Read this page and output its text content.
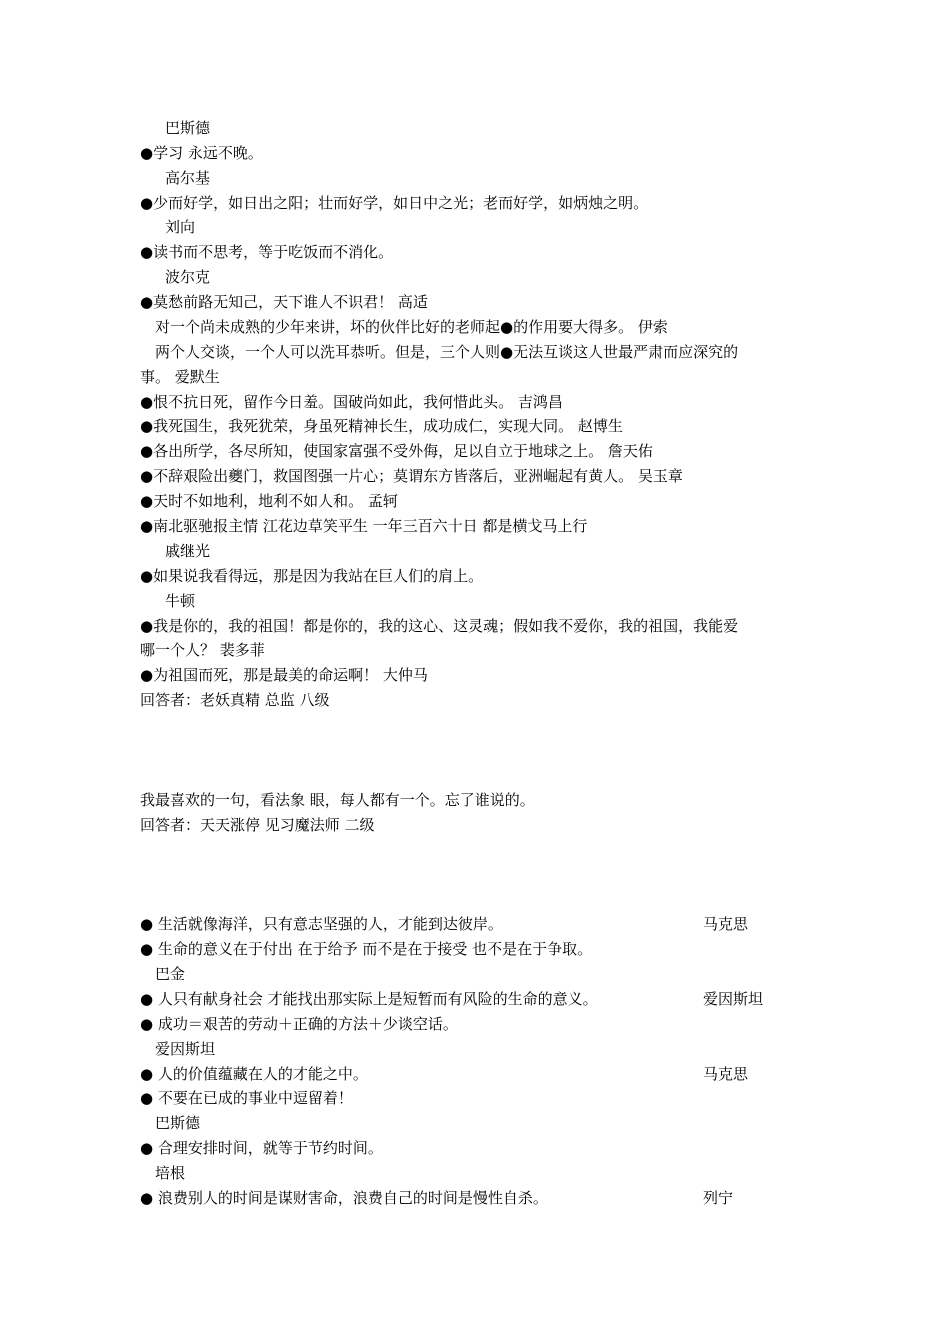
巴斯德
●学习 永远不晚。
高尔基
●少而好学，如日出之阳；壮而好学，如日中之光；老而好学，如炳烛之明。
刘向
●读书而不思考，等于吃饭而不消化。
波尔克
●莫愁前路无知己，天下谁人不识君！ 高适
对一个尚未成熟的少年来讲，坏的伙伴比好的老师起●的作用要大得多。 伊索
两个人交谈，一个人可以洗耳恭听。但是，三个人则●无法互谈这人世最严肃而应深究的
事。 爱默生
●恨不抗日死，留作今日羞。国破尚如此，我何惜此头。 吉鸿昌
●我死国生，我死犹荣，身虽死精神长生，成功成仁，实现大同。 赵博生
●各出所学，各尽所知，使国家富强不受外侮，足以自立于地球之上。 詹天佑
●不辞艰险出夔门，救国图强一片心；莫谓东方皆落后，亚洲崛起有黄人。 吴玉章
●天时不如地利，地利不如人和。 孟轲
●南北驱驰报主情 江花边草笑平生 一年三百六十日 都是横戈马上行
戚继光
●如果说我看得远，那是因为我站在巨人们的肩上。
牛顿
●我是你的，我的祖国！都是你的，我的这心、这灵魂；假如我不爱你，我的祖国，我能爱
哪一个人？ 裴多菲
●为祖国而死，那是最美的命运啊！ 大仲马
回答者：老妖真精 总监 八级
我最喜欢的一句，看法象 眼，每人都有一个。忘了谁说的。
回答者：天天涨停 见习魔法师 二级
● 生活就像海洋，只有意志坚强的人，才能到达彼岸。	马克思
● 生命的意义在于付出 在于给予 而不是在于接受 也不是在于争取。
巴金
● 人只有献身社会 才能找出那实际上是短暂而有风险的生命的意义。	爱因斯坦
● 成功＝艰苦的劳动＋正确的方法＋少谈空话。
爱因斯坦
● 人的价值蕴藏在人的才能之中。	马克思
● 不要在已成的事业中逗留着！
巴斯德
● 合理安排时间，就等于节约时间。
培根
● 浪费别人的时间是谋财害命，浪费自己的时间是慢性自杀。	列宁
